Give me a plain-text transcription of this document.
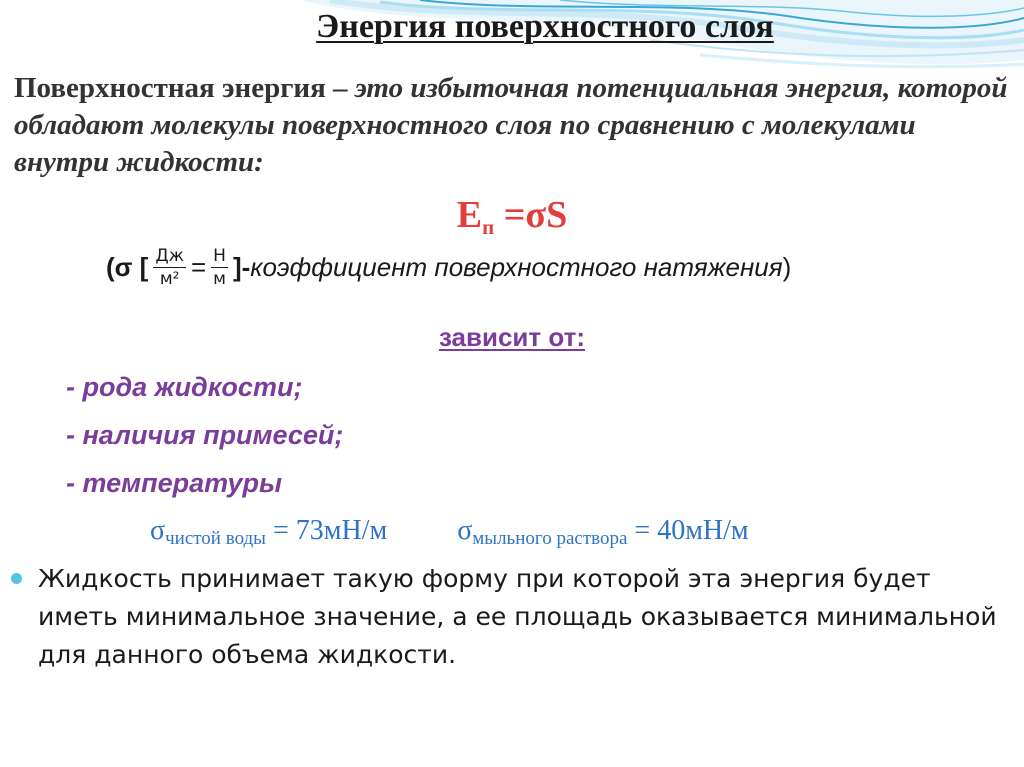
Энергия поверхностного слоя
Поверхностная энергия – это избыточная потенциальная энергия, которой обладают молекулы поверхностного слоя по сравнению с молекулами внутри жидкости:
$E_п =\sigma S$
(σ [ $\frac{Дж}{\text{м²}} = \frac{Н}{м}$ ]- коэффициент поверхностного натяжения )
зависит от:
- рода жидкости;
- наличия примесей;
- температуры
$\sigma_{чистой воды} = 73мН/м$	$\sigma_{мыльного раствора} = 40мН/м$
Жидкость принимает такую форму при которой эта энергия будет иметь минимальное значение, а ее площадь оказывается минимальной для данного объема жидкости.
